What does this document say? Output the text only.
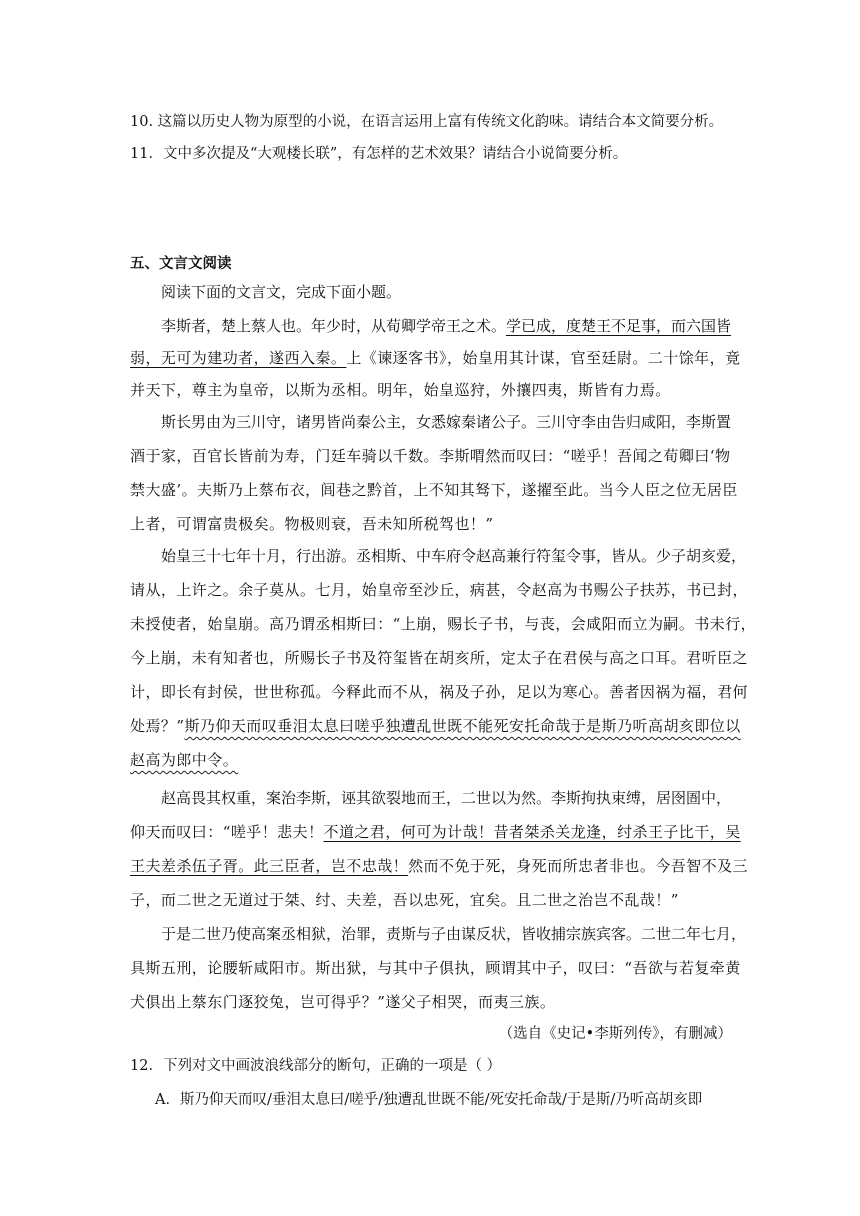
10. 这篇以历史人物为原型的小说，在语言运用上富有传统文化韵味。请结合本文简要分析。
11．文中多次提及“大观楼长联”，有怎样的艺术效果？请结合小说简要分析。
五、文言文阅读
阅读下面的文言文，完成下面小题。
李斯者，楚上蔡人也。年少时，从荀卿学帝王之术。学已成，度楚王不足事，而六国皆
弱，无可为建功者，遂西入秦。上《谏逐客书》，始皇用其计谋，官至廷尉。二十馀年，竟
并天下，尊主为皇帝，以斯为丞相。明年，始皇巡狩，外攘四夷，斯皆有力焉。
斯长男由为三川守，诸男皆尚秦公主，女悉嫁秦诸公子。三川守李由告归咸阳，李斯置
酒于家，百官长皆前为寿，门廷车骑以千数。李斯喟然而叹曰：“嗟乎！吾闻之荀卿曰‘物
禁大盛’。夫斯乃上蔡布衣，闾巷之黔首，上不知其驽下，遂擢至此。当今人臣之位无居臣
上者，可谓富贵极矣。物极则衰，吾未知所税驾也！”
始皇三十七年十月，行出游。丞相斯、中车府令赵高兼行符玺令事，皆从。少子胡亥爱，
请从，上许之。余子莫从。七月，始皇帝至沙丘，病甚，令赵高为书赐公子扶苏，书已封，
未授使者，始皇崩。高乃谓丞相斯曰：“上崩，赐长子书，与丧，会咸阳而立为嗣。书未行，
今上崩，未有知者也，所赐长子书及符玺皆在胡亥所，定太子在君侯与高之口耳。君听臣之
计，即长有封侯，世世称孤。今释此而不从，祸及子孙，足以为寒心。善者因祸为福，君何
处焉？”斯乃仰天而叹垂泪太息曰嗟乎独遭乱世既不能死安托命哉于是斯乃听高胡亥即位以
赵高为郎中令。
赵高畏其权重，案治李斯，诬其欲裂地而王，二世以为然。李斯拘执束缚，居囹圄中，
仰天而叹曰：“嗟乎！悲夫！不道之君，何可为计哉！昔者桀杀关龙逢，纣杀王子比干，吴
王夫差杀伍子胥。此三臣者，岂不忠哉！然而不免于死，身死而所忠者非也。今吾智不及三
子，而二世之无道过于桀、纣、夫差，吾以忠死，宜矣。且二世之治岂不乱哉！”
于是二世乃使高案丞相狱，治罪，责斯与子由谋反状，皆收捕宗族宾客。二世二年七月，
具斯五刑，论腰斩咸阳市。斯出狱，与其中子俱执，顾谓其中子，叹曰：“吾欲与若复牵黄
犬俱出上蔡东门逐狡兔，岂可得乎？”遂父子相哭，而夷三族。
（选自《史记•李斯列传》，有删减）
12．下列对文中画波浪线部分的断句，正确的一项是（ ）
A．斯乃仰天而叹/垂泪太息曰/嗟乎/独遭乱世既不能/死安托命哉/于是斯/乃听高胡亥即
